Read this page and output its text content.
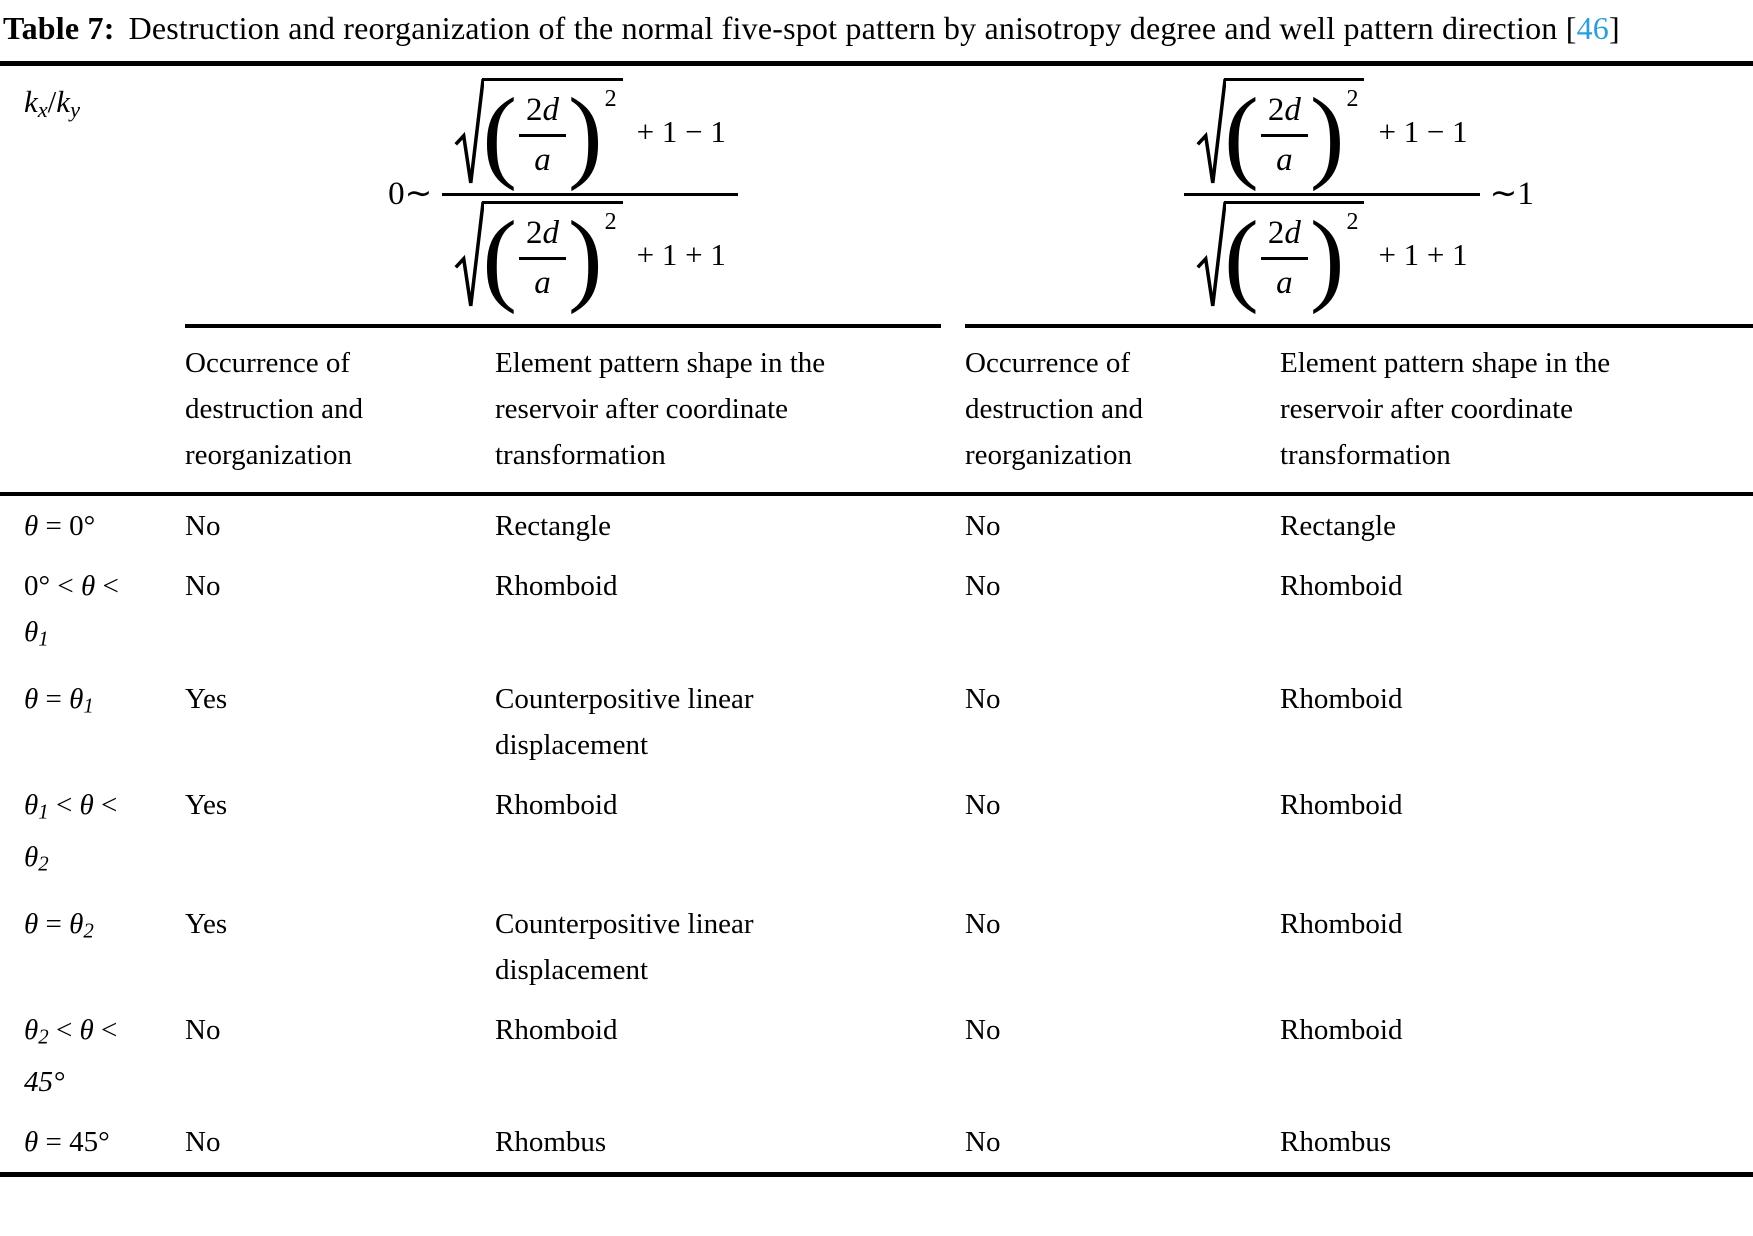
Table 7: Destruction and reorganization of the normal five-spot pattern by anisotropy degree and well pattern direction [46]
kx/ky	
0∼
( 2d
a ) 2
+ 1 − 1
( 2d
a ) 2
+ 1 + 1

( 2d
a ) 2
+ 1 − 1
( 2d
a ) 2
+ 1 + 1
∼1

	Occurrence of destruction and reorganization	Element pattern shape in the reservoir after coordinate transformation	Occurrence of destruction and reorganization	Element pattern shape in the reservoir after coordinate transformation
θ = 0°	No	Rectangle	No	Rectangle
0° < θ < θ1	No	Rhomboid	No	Rhomboid
θ = θ1	Yes	Counterpositive linear displacement	No	Rhomboid
θ1 < θ < θ2	Yes	Rhomboid	No	Rhomboid
θ = θ2	Yes	Counterpositive linear displacement	No	Rhomboid
θ2 < θ < 45°	No	Rhomboid	No	Rhomboid
θ = 45°	No	Rhombus	No	Rhombus
